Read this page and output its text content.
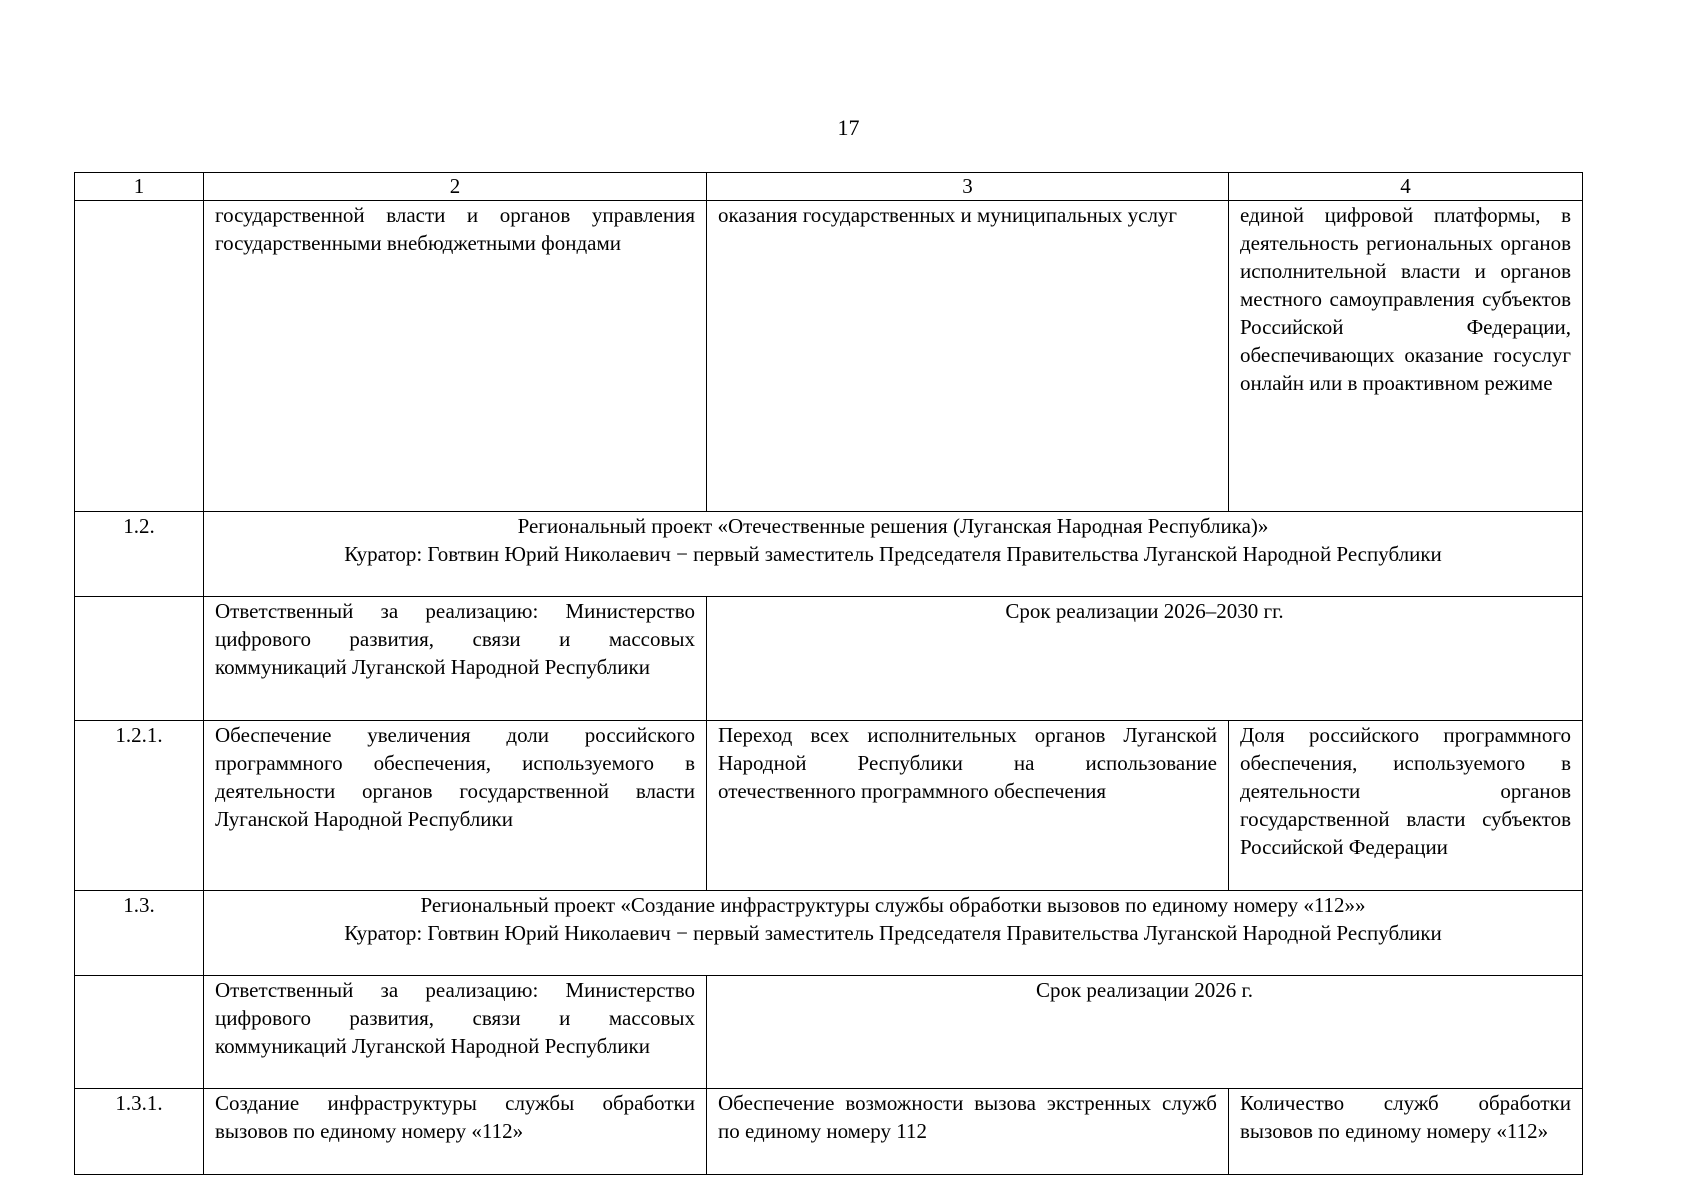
17
1	2	3	4
	государственной власти и органов управления государственными внебюджетными фондами	оказания государственных и муниципальных услуг	единой цифровой платформы, в деятельность региональных органов исполнительной власти и органов местного самоуправления субъектов Российской Федерации, обеспечивающих оказание госуслуг онлайн или в проактивном режиме
1.2.	Региональный проект «Отечественные решения (Луганская Народная Республика)»
Куратор: Говтвин Юрий Николаевич − первый заместитель Председателя Правительства Луганской Народной Республики		

	Ответственный за реализацию: Министерство цифрового развития, связи и массовых коммуникаций Луганской Народной Республики	Срок реализации 2026–2030 гг.	
1.2.1.	Обеспечение увеличения доли российского программного обеспечения, используемого в деятельности органов государственной власти Луганской Народной Республики	Переход всех исполнительных органов Луганской Народной Республики на использование отечественного программного обеспечения	Доля российского программного обеспечения, используемого в деятельности органов государственной власти субъектов Российской Федерации
1.3.	Региональный проект «Создание инфраструктуры службы обработки вызовов по единому номеру «112»»
Куратор: Говтвин Юрий Николаевич − первый заместитель Председателя Правительства Луганской Народной Республики		

	Ответственный за реализацию: Министерство цифрового развития, связи и массовых коммуникаций Луганской Народной Республики	Срок реализации 2026 г.	
1.3.1.	Создание инфраструктуры службы обработки вызовов по единому номеру «112»	Обеспечение возможности вызова экстренных служб по единому номеру 112	Количество служб обработки вызовов по единому номеру «112»
